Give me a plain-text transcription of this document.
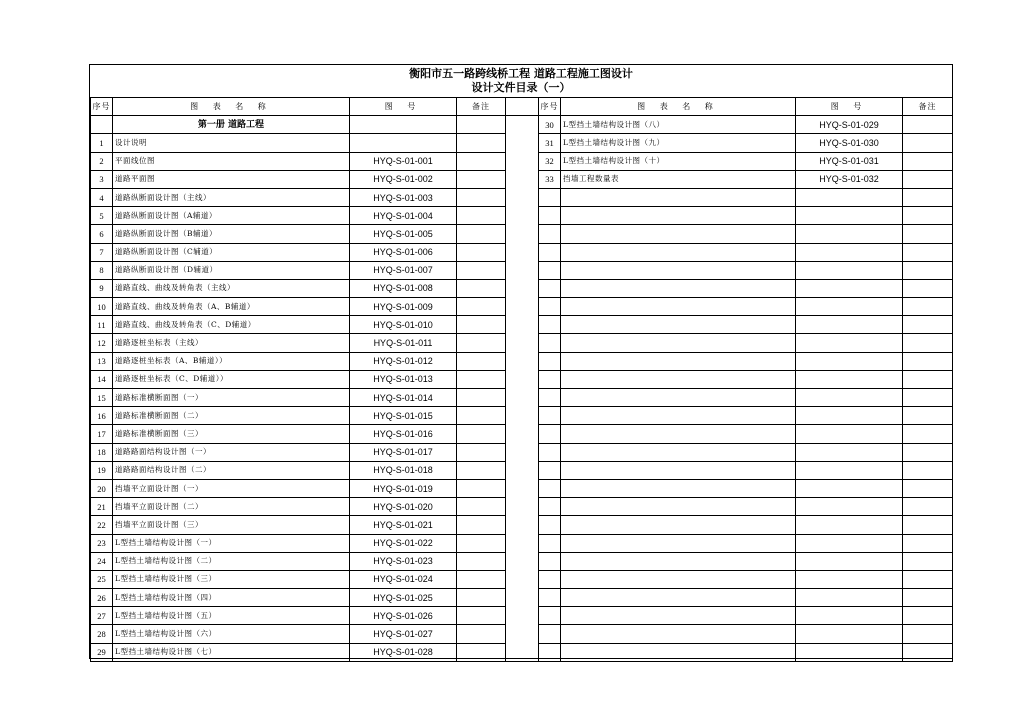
衡阳市五一路跨线桥工程 道路工程施工图设计
设计文件目录（一）
序号	图 表 名 称	图 号	备注		序号	图 表 名 称	图 号	备注
	第一册 道路工程				30	L型挡土墙结构设计图（八）	HYQ-S-01-029	
1	设计说明				31	L型挡土墙结构设计图（九）	HYQ-S-01-030	
2	平面线位图	HYQ-S-01-001			32	L型挡土墙结构设计图（十）	HYQ-S-01-031	
3	道路平面图	HYQ-S-01-002			33	挡墙工程数量表	HYQ-S-01-032	
4	道路纵断面设计图（主线）	HYQ-S-01-003						
5	道路纵断面设计图（A辅道）	HYQ-S-01-004						
6	道路纵断面设计图（B辅道）	HYQ-S-01-005						
7	道路纵断面设计图（C辅道）	HYQ-S-01-006						
8	道路纵断面设计图（D辅道）	HYQ-S-01-007						
9	道路直线、曲线及转角表（主线）	HYQ-S-01-008						
10	道路直线、曲线及转角表（A、B辅道）	HYQ-S-01-009						
11	道路直线、曲线及转角表（C、D辅道）	HYQ-S-01-010						
12	道路逐桩坐标表（主线）	HYQ-S-01-011						
13	道路逐桩坐标表（A、B辅道））	HYQ-S-01-012						
14	道路逐桩坐标表（C、D辅道））	HYQ-S-01-013						
15	道路标准横断面图（一）	HYQ-S-01-014						
16	道路标准横断面图（二）	HYQ-S-01-015						
17	道路标准横断面图（三）	HYQ-S-01-016						
18	道路路面结构设计图（一）	HYQ-S-01-017						
19	道路路面结构设计图（二）	HYQ-S-01-018						
20	挡墙平立面设计图（一）	HYQ-S-01-019						
21	挡墙平立面设计图（二）	HYQ-S-01-020						
22	挡墙平立面设计图（三）	HYQ-S-01-021						
23	L型挡土墙结构设计图（一）	HYQ-S-01-022						
24	L型挡土墙结构设计图（二）	HYQ-S-01-023						
25	L型挡土墙结构设计图（三）	HYQ-S-01-024						
26	L型挡土墙结构设计图（四）	HYQ-S-01-025						
27	L型挡土墙结构设计图（五）	HYQ-S-01-026						
28	L型挡土墙结构设计图（六）	HYQ-S-01-027						
29	L型挡土墙结构设计图（七）	HYQ-S-01-028						
